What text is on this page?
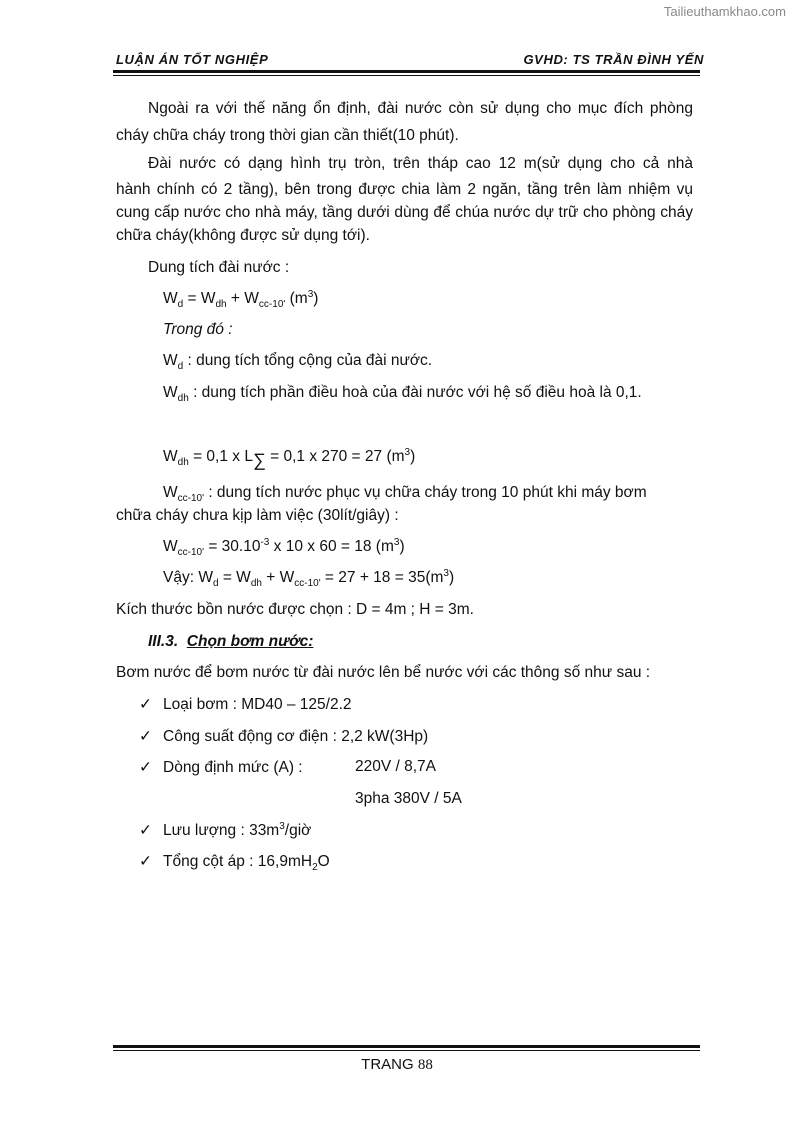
Tailieuthamkhao.com
LUẬN ÁN TỐT NGHIỆP	GVHD: TS TRẦN ĐÌNH YẾN
Ngoài ra với thế năng ổn định, đài nước còn sử dụng cho mục đích phòng
cháy chữa cháy trong thời gian cần thiết(10 phút).
Đài nước có dạng hình trụ tròn, trên tháp cao 12 m(sử dụng cho cả nhà
hành chính có 2 tầng), bên trong được chia làm 2 ngăn, tầng trên làm nhiệm vụ
cung cấp nước cho nhà máy, tầng dưới dùng để chúa nước dự trữ cho phòng cháy
chữa cháy(không được sử dụng tới).
Dung tích đài nước :
$W_d = W_{dh} + W_{cc-10'}$ $(m^3)$
Trong đó :
$W_d$ : dung tích tổng cộng của đài nước.
$W_{dh}$ : dung tích phần điều hoà của đài nước với hệ số điều hoà là 0,1.
$W_{dh} = 0,1$ x L∑ = 0,1 x 270 = 27 $(m^3)$
$W_{cc-10'}$ : dung tích nước phục vụ chữa cháy trong 10 phút khi máy bơm
chữa cháy chưa kịp làm việc (30lít/giây) :
$W_{cc-10'} = 30.10^{-3}$ x 10 x 60 = 18 $(m^3)$
Vậy: $W_d = W_{dh} + W_{cc-10'} = 27 + 18 = 35(m^3)$
Kích thước bồn nước được chọn : D = 4m ; H = 3m.
III.3. Chọn bơm nước:
Bơm nước để bơm nước từ đài nước lên bể nước với các thông số như sau :
✓ Loại bơm : MD40 – 125/2.2
✓ Công suất động cơ điện : 2,2 kW(3Hp)
✓ Dòng định mức (A) :	220V / 8,7A
3pha 380V / 5A
✓ Lưu lượng : $33m^3$/giờ
✓ Tổng cột áp : $16,9mH_2O$
TRANG 88
